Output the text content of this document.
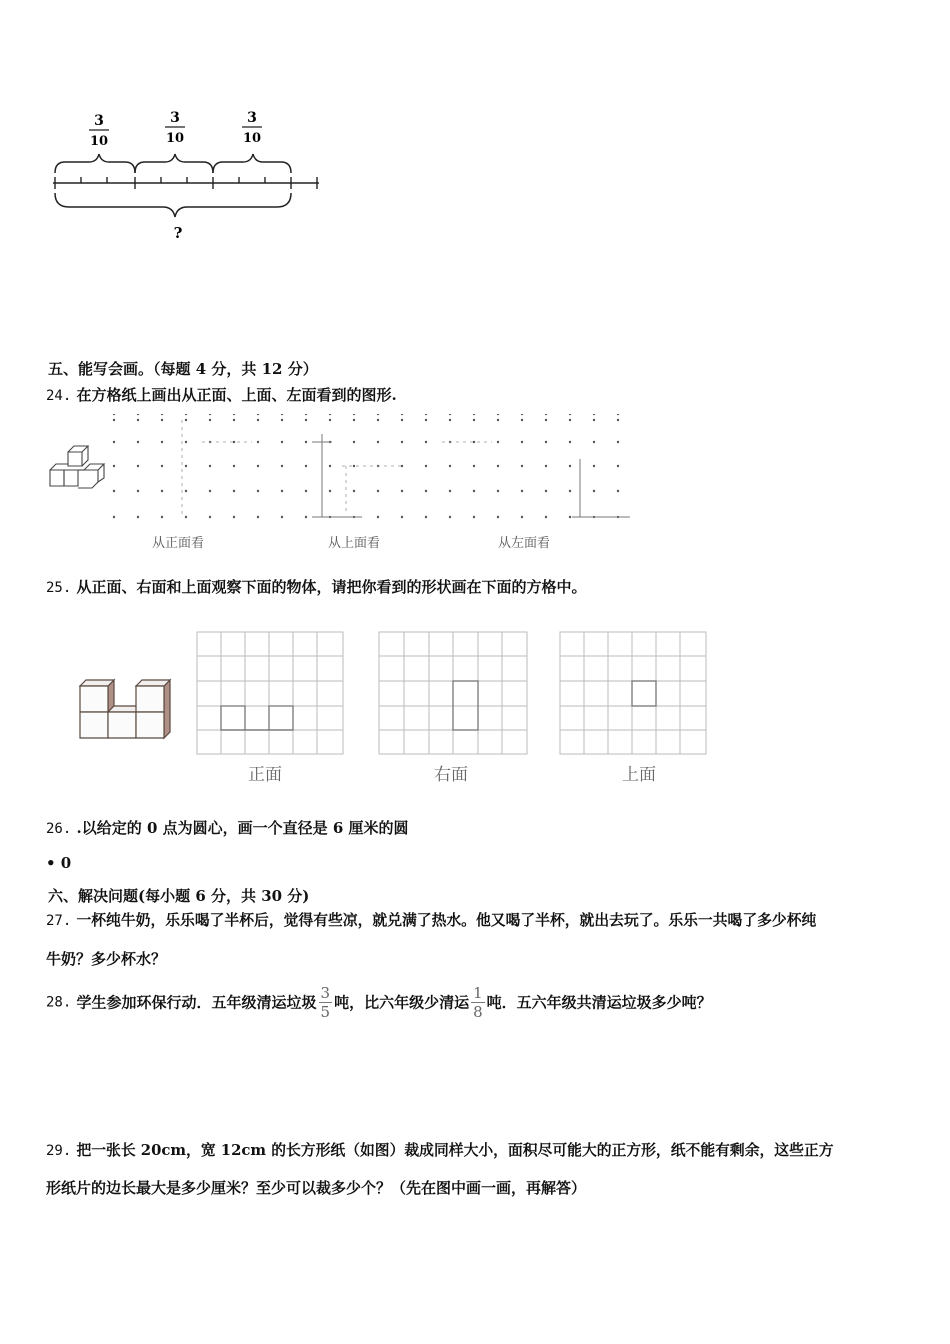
3
10
3
10
3
10
?
五、能写会画。（每题 4 分，共 12 分）
24. 在方格纸上画出从正面、上面、左面看到的图形.
从正面看	从上面看	从左面看
25. 从正面、右面和上面观察下面的物体，请把你看到的形状画在下面的方格中。
正面	右面	上面
26. .以给定的 0 点为圆心，画一个直径是 6 厘米的圆
• 0
六、解决问题(每小题 6 分，共 30 分)
27. 一杯纯牛奶，乐乐喝了半杯后，觉得有些凉，就兑满了热水。他又喝了半杯，就出去玩了。乐乐一共喝了多少杯纯
牛奶？多少杯水？
28. 学生参加环保行动．五年级清运垃圾 $\frac{3}{5}$ 吨，比六年级少清运 $\frac{1}{8}$ 吨．五六年级共清运垃圾多少吨？
29. 把一张长 20cm，宽 12cm 的长方形纸（如图）裁成同样大小，面积尽可能大的正方形，纸不能有剩余，这些正方
形纸片的边长最大是多少厘米？至少可以裁多少个？（先在图中画一画，再解答）
